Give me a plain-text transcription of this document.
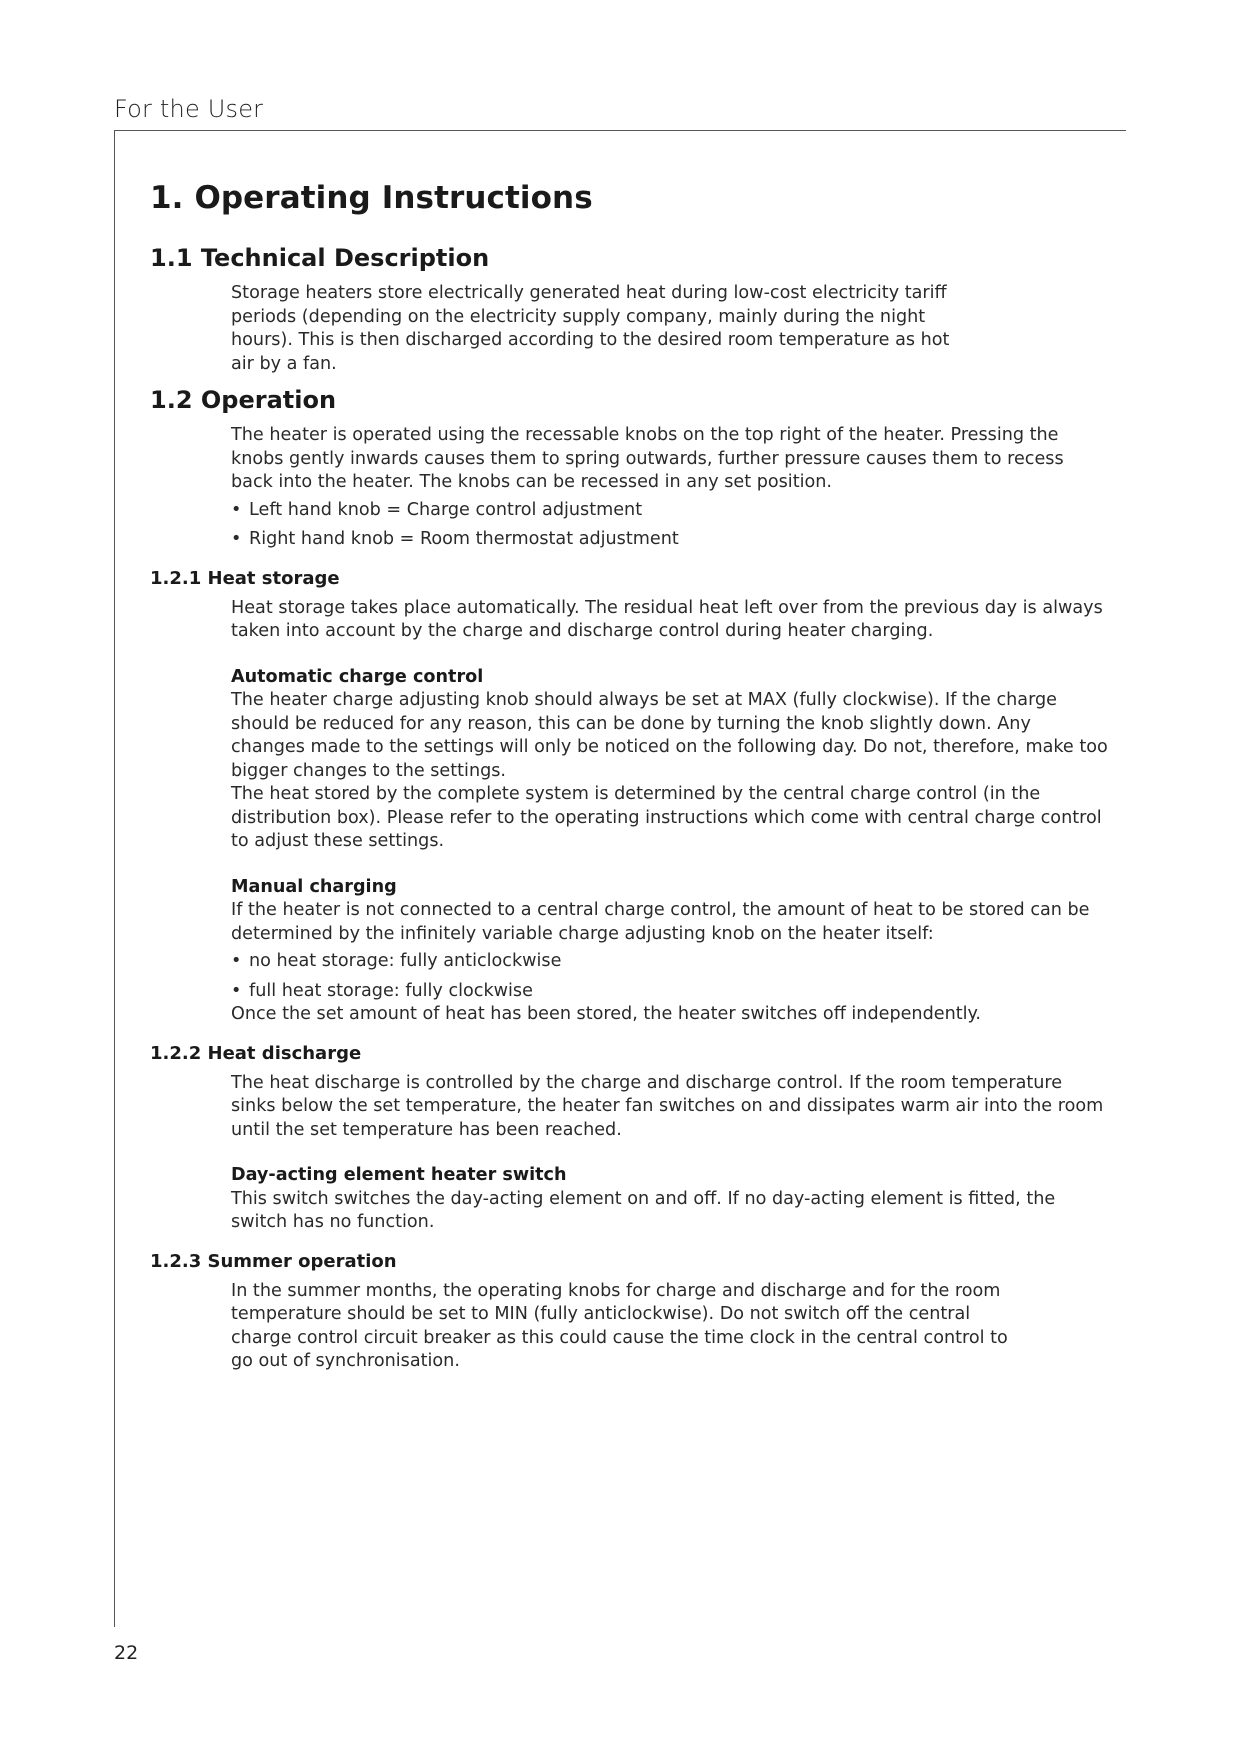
For the User
1. Operating Instructions
1.1 Technical Description

Storage heaters store electrically generated heat during low-cost electricity tariff periods (depending on the electricity supply company, mainly during the night hours). This is then discharged according to the desired room temperature as hot air by a fan.

1.2 Operation

The heater is operated using the recessable knobs on the top right of the heater. Pressing the knobs gently inwards causes them to spring outwards, further pressure causes them to recess back into the heater. The knobs can be recessed in any set position.

• Left hand knob = Charge control adjustment
• Right hand knob = Room thermostat adjustment
1.2.1 Heat storage

Heat storage takes place automatically. The residual heat left over from the previous day is always taken into account by the charge and discharge control during heater charging.

Automatic charge control

The heater charge adjusting knob should always be set at MAX (fully clockwise). If the charge should be reduced for any reason, this can be done by turning the knob slightly down. Any changes made to the settings will only be noticed on the following day. Do not, therefore, make too bigger changes to the settings.

The heat stored by the complete system is determined by the central charge control (in the distribution box). Please refer to the operating instructions which come with central charge control to adjust these settings.

Manual charging

If the heater is not connected to a central charge control, the amount of heat to be stored can be determined by the infinitely variable charge adjusting knob on the heater itself:

• no heat storage: fully anticlockwise
• full heat storage: fully clockwise

Once the set amount of heat has been stored, the heater switches off independently.

1.2.2 Heat discharge

The heat discharge is controlled by the charge and discharge control. If the room temperature sinks below the set temperature, the heater fan switches on and dissipates warm air into the room until the set temperature has been reached.

Day-acting element heater switch

This switch switches the day-acting element on and off. If no day-acting element is fitted, the switch has no function.

1.2.3 Summer operation

In the summer months, the operating knobs for charge and discharge and for the room temperature should be set to MIN (fully anticlockwise). Do not switch off the central charge control circuit breaker as this could cause the time clock in the central control to go out of synchronisation.

22
